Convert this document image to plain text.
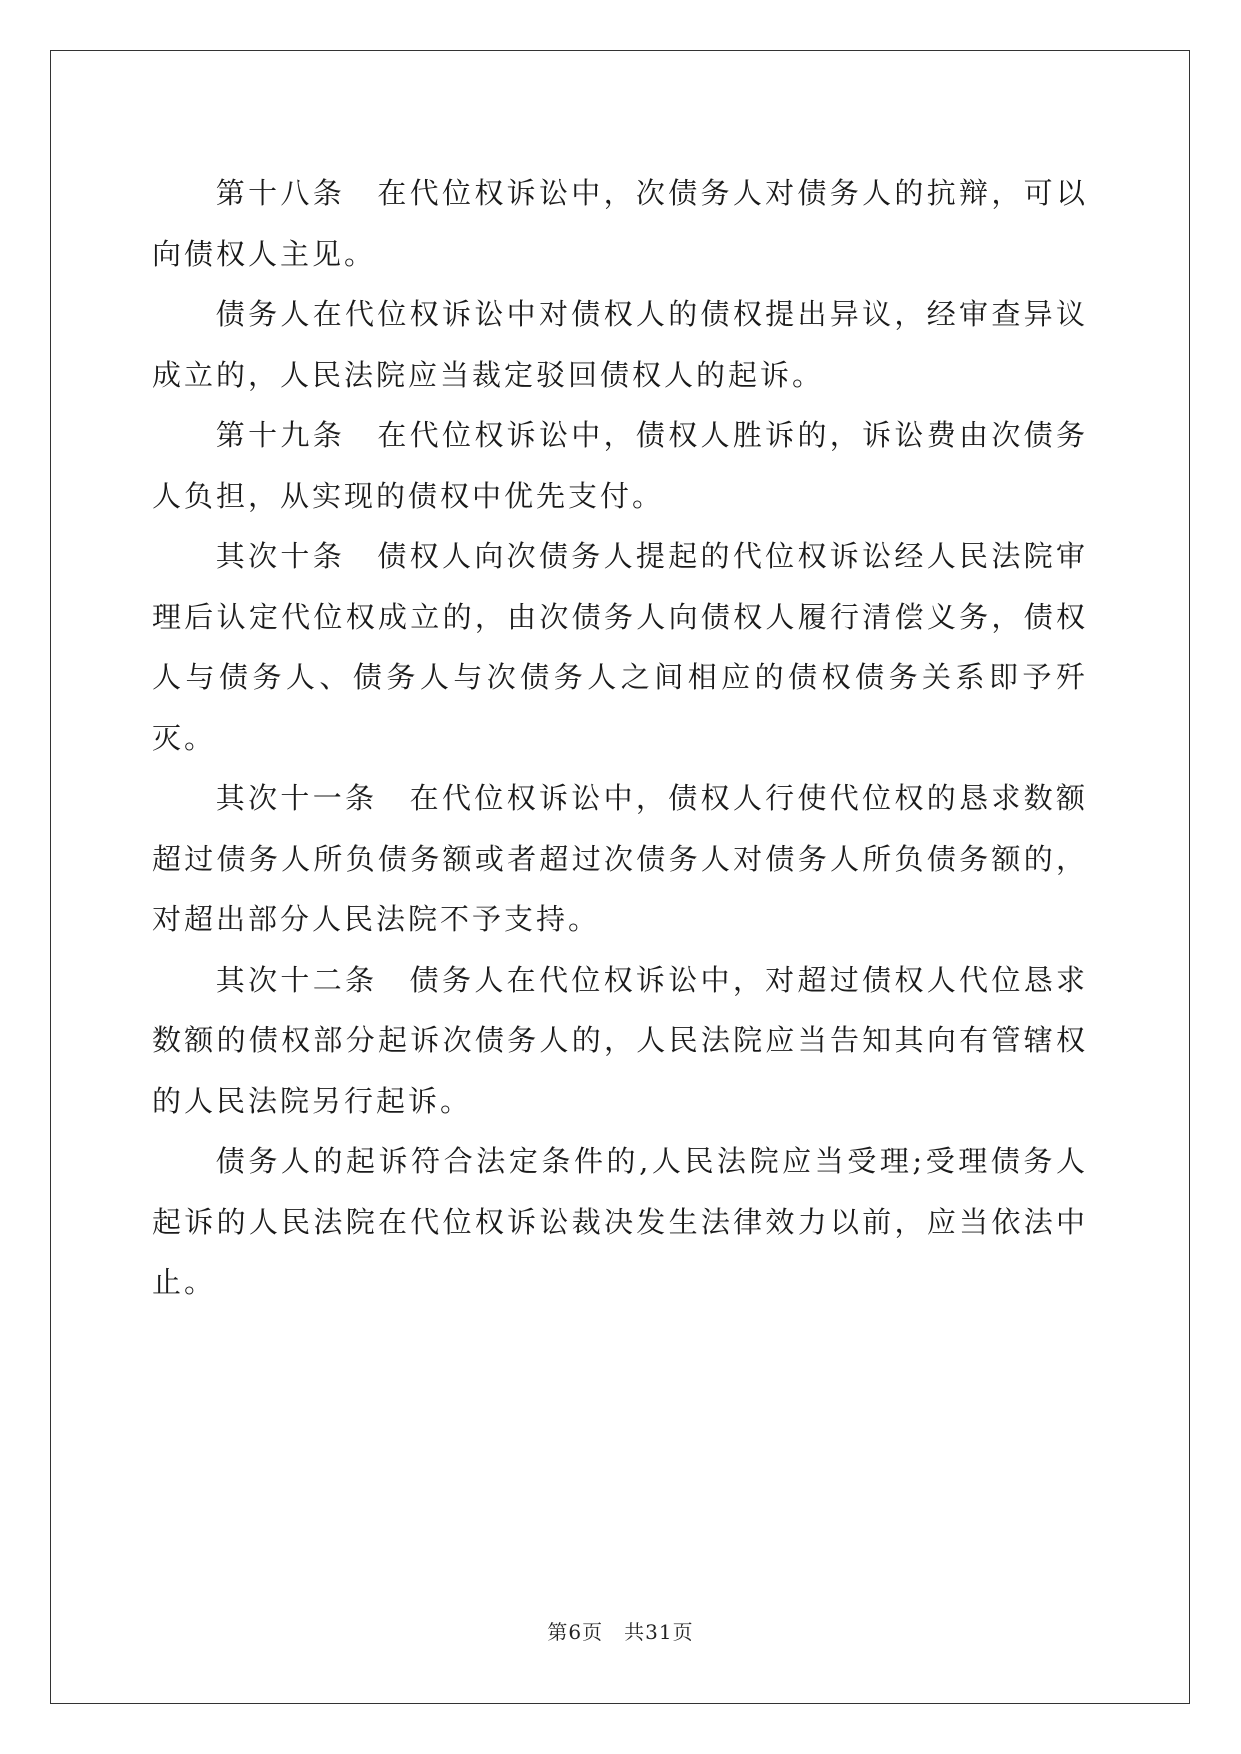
第十八条　在代位权诉讼中，次债务人对债务人的抗辩，可以向债权人主见。

债务人在代位权诉讼中对债权人的债权提出异议，经审查异议成立的，人民法院应当裁定驳回债权人的起诉。

第十九条　在代位权诉讼中，债权人胜诉的，诉讼费由次债务人负担，从实现的债权中优先支付。

其次十条　债权人向次债务人提起的代位权诉讼经人民法院审理后认定代位权成立的，由次债务人向债权人履行清偿义务，债权人与债务人、债务人与次债务人之间相应的债权债务关系即予歼灭。

其次十一条　在代位权诉讼中，债权人行使代位权的恳求数额超过债务人所负债务额或者超过次债务人对债务人所负债务额的，对超出部分人民法院不予支持。

其次十二条　债务人在代位权诉讼中，对超过债权人代位恳求数额的债权部分起诉次债务人的，人民法院应当告知其向有管辖权的人民法院另行起诉。

债务人的起诉符合法定条件的,人民法院应当受理;受理债务人起诉的人民法院在代位权诉讼裁决发生法律效力以前，应当依法中止。

第6页　共31页
